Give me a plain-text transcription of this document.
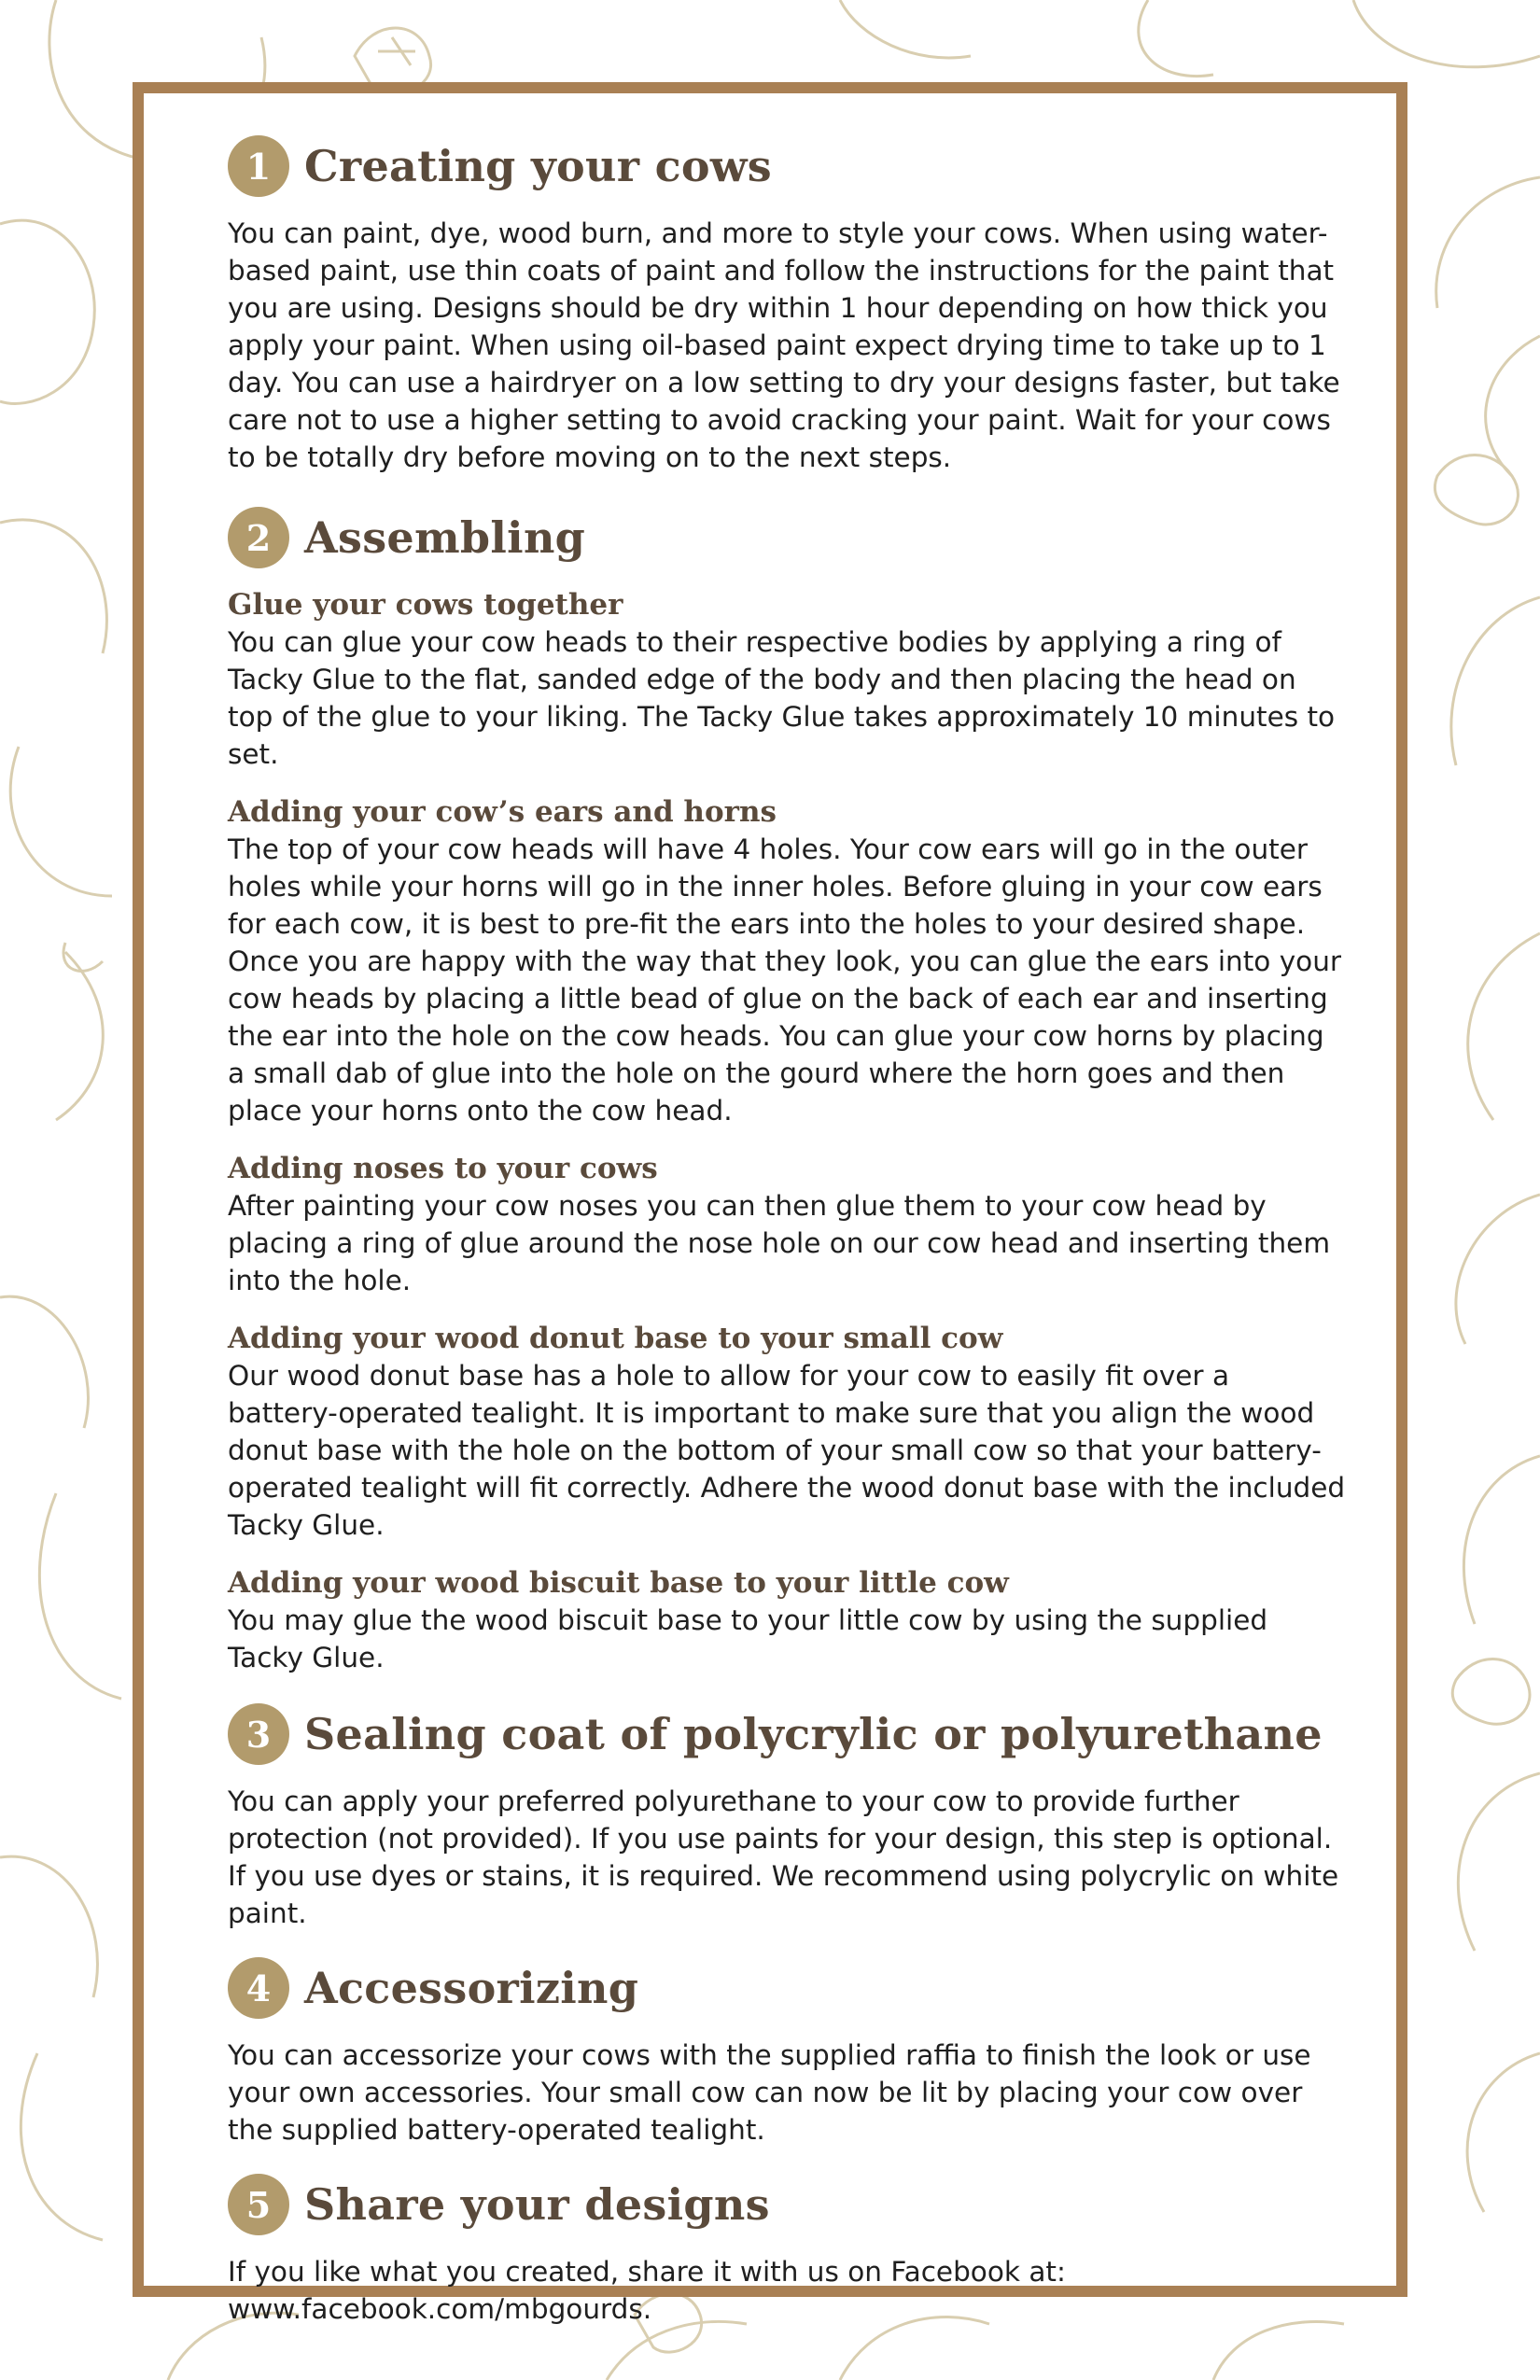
1 Creating your cows

You can paint, dye, wood burn, and more to style your cows. When using water-based paint, use thin coats of paint and follow the instructions for the paint that you are using. Designs should be dry within 1 hour depending on how thick you apply your paint. When using oil-based paint expect drying time to take up to 1 day. You can use a hairdryer on a low setting to dry your designs faster, but take care not to use a higher setting to avoid cracking your paint. Wait for your cows to be totally dry before moving on to the next steps.

2 Assembling
Glue your cows together

You can glue your cow heads to their respective bodies by applying a ring of Tacky Glue to the flat, sanded edge of the body and then placing the head on top of the glue to your liking. The Tacky Glue takes approximately 10 minutes to set.

Adding your cow’s ears and horns

The top of your cow heads will have 4 holes. Your cow ears will go in the outer holes while your horns will go in the inner holes. Before gluing in your cow ears for each cow, it is best to pre-fit the ears into the holes to your desired shape. Once you are happy with the way that they look, you can glue the ears into your cow heads by placing a little bead of glue on the back of each ear and inserting the ear into the hole on the cow heads. You can glue your cow horns by placing a small dab of glue into the hole on the gourd where the horn goes and then place your horns onto the cow head.

Adding noses to your cows

After painting your cow noses you can then glue them to your cow head by placing a ring of glue around the nose hole on our cow head and inserting them into the hole.

Adding your wood donut base to your small cow

Our wood donut base has a hole to allow for your cow to easily fit over a battery-operated tealight. It is important to make sure that you align the wood donut base with the hole on the bottom of your small cow so that your battery-operated tealight will fit correctly. Adhere the wood donut base with the included Tacky Glue.

Adding your wood biscuit base to your little cow

You may glue the wood biscuit base to your little cow by using the supplied Tacky Glue.

3 Sealing coat of polycrylic or polyurethane

You can apply your preferred polyurethane to your cow to provide further protection (not provided). If you use paints for your design, this step is optional. If you use dyes or stains, it is required. We recommend using polycrylic on white paint.

4 Accessorizing

You can accessorize your cows with the supplied raffia to finish the look or use your own accessories. Your small cow can now be lit by placing your cow over the supplied battery-operated tealight.

5 Share your designs

If you like what you created, share it with us on Facebook at: www.facebook.com/mbgourds.
